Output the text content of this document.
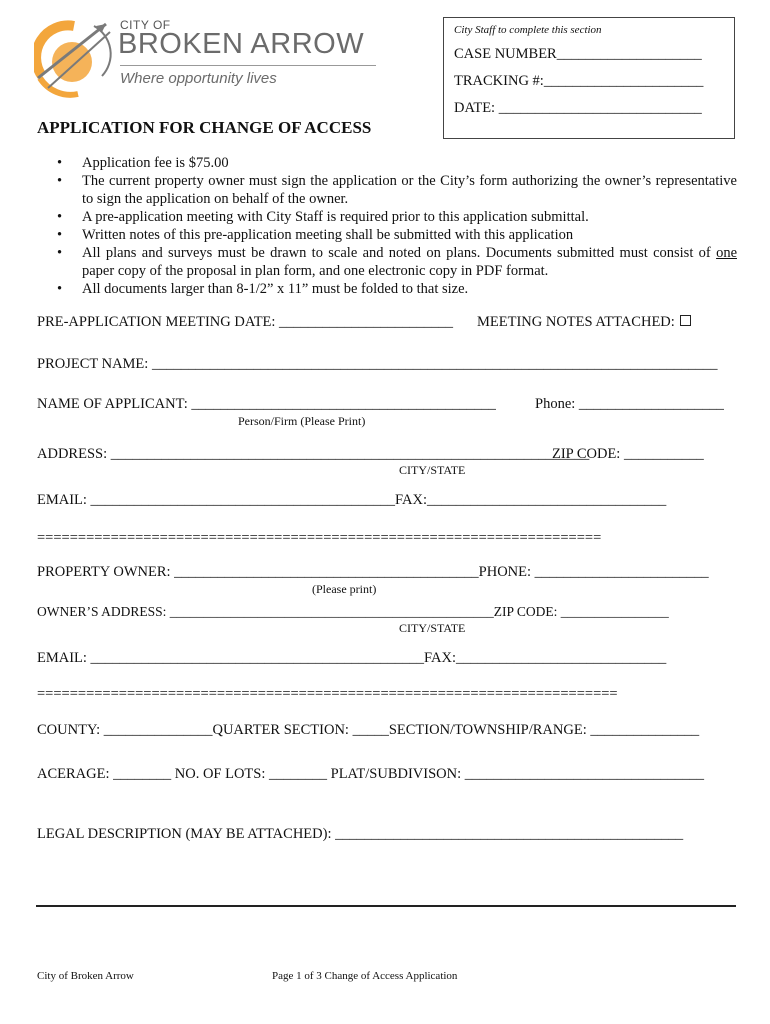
CITY OF
BROKEN ARROW
Where opportunity lives
City Staff to complete this section
CASE NUMBER____________________
TRACKING #:______________________
DATE: ____________________________
APPLICATION FOR CHANGE OF ACCESS
• Application fee is $75.00
• The current property owner must sign the application or the City’s form authorizing the owner’s representative to sign the application on behalf of the owner.
• A pre-application meeting with City Staff is required prior to this application submittal.
• Written notes of this pre-application meeting shall be submitted with this application
• All plans and surveys must be drawn to scale and noted on plans. Documents submitted must consist of one paper copy of the proposal in plan form, and one electronic copy in PDF format.
• All documents larger than 8-1/2” x 11” must be folded to that size.
PRE-APPLICATION MEETING DATE: ________________________ MEETING NOTES ATTACHED:
PROJECT NAME: ______________________________________________________________________________
NAME OF APPLICANT: __________________________________________	Phone: ____________________
Person/Firm (Please Print)
ADDRESS: __________________________________________________________________
ZIP CODE: ___________
CITY/STATE
EMAIL: __________________________________________FAX:_________________________________
=====================================================================
PROPERTY OWNER: __________________________________________PHONE: ________________________
(Please print)
OWNER’S ADDRESS: ________________________________________________ZIP CODE: ________________
CITY/STATE
EMAIL: ______________________________________________FAX:_____________________________
=======================================================================
COUNTY: _______________QUARTER SECTION: _____SECTION/TOWNSHIP/RANGE: _______________
ACERAGE: ________ NO. OF LOTS: ________ PLAT/SUBDIVISON: _________________________________
LEGAL DESCRIPTION (MAY BE ATTACHED): ________________________________________________
City of Broken Arrow	Page 1 of 3 Change of Access Application
